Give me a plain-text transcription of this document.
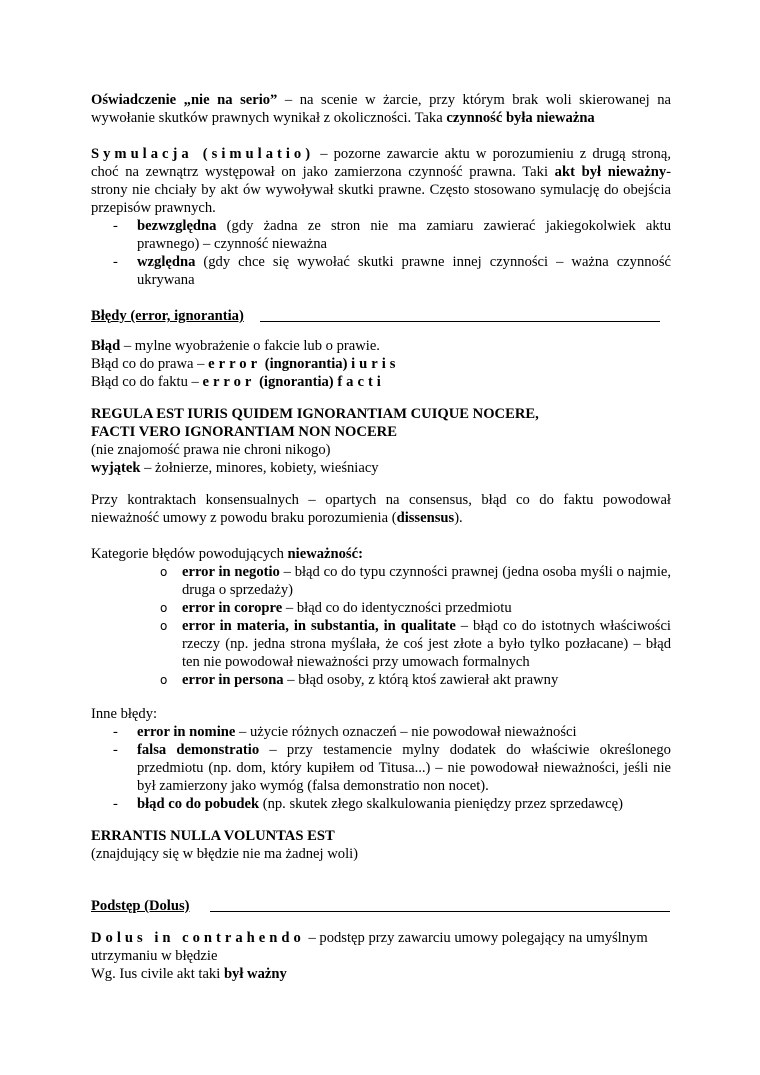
Oświadczenie „nie na serio” – na scenie w żarcie, przy którym brak woli skierowanej na wywołanie skutków prawnych wynikał z okoliczności. Taka czynność była nieważna
Symulacja (simulatio) – pozorne zawarcie aktu w porozumieniu z drugą stroną, choć na zewnątrz występował on jako zamierzona czynność prawna. Taki akt był nieważny- strony nie chciały by akt ów wywoływał skutki prawne. Często stosowano symulację do obejścia przepisów prawnych.
- bezwzględna (gdy żadna ze stron nie ma zamiaru zawierać jakiegokolwiek aktu prawnego) – czynność nieważna
- względna (gdy chce się wywołać skutki prawne innej czynności – ważna czynność ukrywana
Błędy (error, ignorantia)
Błąd – mylne wyobrażenie o fakcie lub o prawie.
Błąd co do prawa – error (ingnorantia) iuris
Błąd co do faktu – error (ignorantia) facti
REGULA EST IURIS QUIDEM IGNORANTIAM CUIQUE NOCERE,
FACTI VERO IGNORANTIAM NON NOCERE
(nie znajomość prawa nie chroni nikogo)
wyjątek – żołnierze, minores, kobiety, wieśniacy
Przy kontraktach konsensualnych – opartych na consensus, błąd co do faktu powodował nieważność umowy z powodu braku porozumienia (dissensus).
Kategorie błędów powodujących nieważność:
o error in negotio – błąd co do typu czynności prawnej (jedna osoba myśli o najmie, druga o sprzedaży)
o error in coropre – błąd co do identyczności przedmiotu
o error in materia, in substantia, in qualitate – błąd co do istotnych właściwości rzeczy (np. jedna strona myślała, że coś jest złote a było tylko pozłacane) – błąd ten nie powodował nieważności przy umowach formalnych
o error in persona – błąd osoby, z którą ktoś zawierał akt prawny
Inne błędy:
- error in nomine – użycie różnych oznaczeń – nie powodował nieważności
- falsa demonstratio – przy testamencie mylny dodatek do właściwie określonego przedmiotu (np. dom, który kupiłem od Titusa...) – nie powodował nieważności, jeśli nie był zamierzony jako wymóg (falsa demonstratio non nocet).
- błąd co do pobudek (np. skutek złego skalkulowania pieniędzy przez sprzedawcę)
ERRANTIS NULLA VOLUNTAS EST
(znajdujący się w błędzie nie ma żadnej woli)
Podstęp (Dolus)
Dolus in contrahendo – podstęp przy zawarciu umowy polegający na umyślnym utrzymaniu w błędzie
Wg. Ius civile akt taki był ważny
